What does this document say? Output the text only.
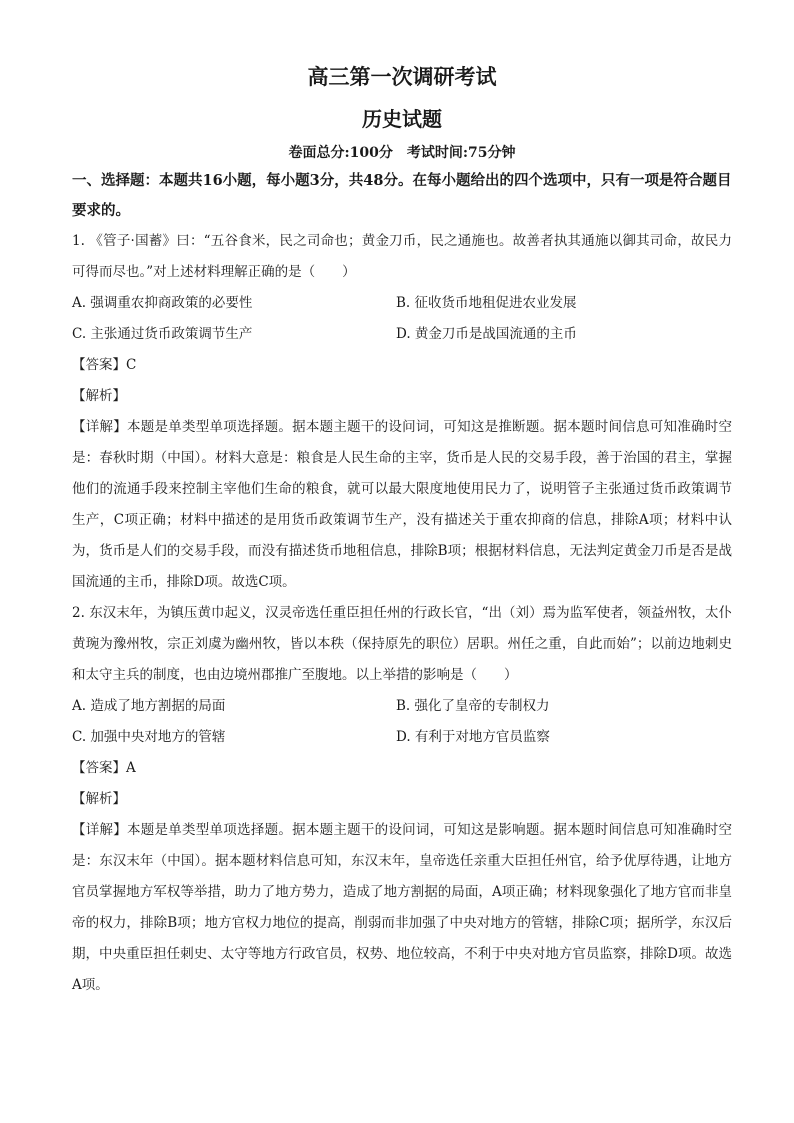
高三第一次调研考试
历史试题
卷面总分:100分　考试时间:75分钟
一、选择题：本题共16小题，每小题3分，共48分。在每小题给出的四个选项中，只有一项是符合题目要求的。

1. 《管子·国蓄》曰：“五谷食米，民之司命也；黄金刀币，民之通施也。故善者执其通施以御其司命，故民力可得而尽也。”对上述材料理解正确的是（　　）

A. 强调重农抑商政策的必要性	B. 征收货币地租促进农业发展
C. 主张通过货币政策调节生产	D. 黄金刀币是战国流通的主币
【答案】C
【解析】

【详解】本题是单类型单项选择题。据本题主题干的设问词，可知这是推断题。据本题时间信息可知准确时空是：春秋时期（中国）。材料大意是：粮食是人民生命的主宰，货币是人民的交易手段，善于治国的君主，掌握他们的流通手段来控制主宰他们生命的粮食，就可以最大限度地使用民力了，说明管子主张通过货币政策调节生产，C项正确；材料中描述的是用货币政策调节生产，没有描述关于重农抑商的信息，排除A项；材料中认为，货币是人们的交易手段，而没有描述货币地租信息，排除B项；根据材料信息，无法判定黄金刀币是否是战国流通的主币，排除D项。故选C项。

2. 东汉末年，为镇压黄巾起义，汉灵帝选任重臣担任州的行政长官，“出（刘）焉为监军使者，领益州牧，太仆黄琬为豫州牧，宗正刘虞为幽州牧，皆以本秩（保持原先的职位）居职。州任之重，自此而始”；以前边地刺史和太守主兵的制度，也由边境州郡推广至腹地。以上举措的影响是（　　）

A. 造成了地方割据的局面	B. 强化了皇帝的专制权力
C. 加强中央对地方的管辖	D. 有利于对地方官员监察
【答案】A
【解析】

【详解】本题是单类型单项选择题。据本题主题干的设问词，可知这是影响题。据本题时间信息可知准确时空是：东汉末年（中国）。据本题材料信息可知，东汉末年，皇帝选任亲重大臣担任州官，给予优厚待遇，让地方官员掌握地方军权等举措，助力了地方势力，造成了地方割据的局面，A项正确；材料现象强化了地方官而非皇帝的权力，排除B项；地方官权力地位的提高，削弱而非加强了中央对地方的管辖，排除C项；据所学，东汉后期，中央重臣担任刺史、太守等地方行政官员，权势、地位较高，不利于中央对地方官员监察，排除D项。故选A项。
